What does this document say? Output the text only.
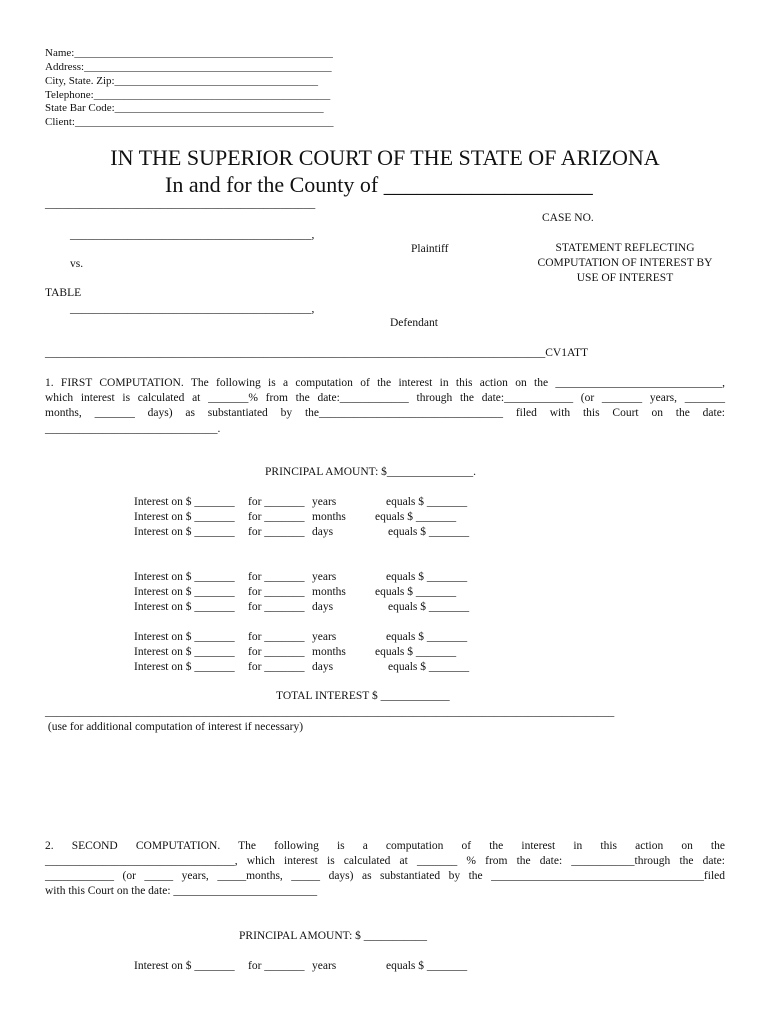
Name:_______________________________________________
Address:_____________________________________________
City, State. Zip:_____________________________________
Telephone:___________________________________________
State Bar Code:______________________________________
Client:_______________________________________________
IN THE SUPERIOR COURT OF THE STATE OF ARIZONA
In and for the County of ___________________
_______________________________________________
CASE NO.
__________________________________________,
Plaintiff
vs.
TABLE
__________________________________________,
Defendant
STATEMENT REFLECTING
COMPUTATION OF INTEREST BY
USE OF INTEREST
_______________________________________________________________________________________CV1ATT
1. FIRST COMPUTATION. The following is a computation of the interest in this action on the _____________________________,
which interest is calculated at _______% from the date:____________ through the date:____________ (or _______ years, _______
months, _______ days) as substantiated by the________________________________ filed with this Court on the date:
______________________________.
PRINCIPAL AMOUNT: $_______________.
Interest on $ _______
Interest on $ _______
Interest on $ _______
for _______
for _______
for _______
years
months
days
equals $ _______
equals $ _______
equals $ _______
Interest on $ _______
Interest on $ _______
Interest on $ _______
for _______
for _______
for _______
years
months
days
equals $ _______
equals $ _______
equals $ _______
Interest on $ _______
Interest on $ _______
Interest on $ _______
for _______
for _______
for _______
years
months
days
equals $ _______
equals $ _______
equals $ _______
TOTAL INTEREST $ ____________
___________________________________________________________________________________________________
(use for additional computation of interest if necessary)
2. SECOND COMPUTATION. The following is a computation of the interest in this action on the
_________________________________, which interest is calculated at _______ % from the date: ___________through the date:
____________ (or _____ years, _____months, _____ days) as substantiated by the _____________________________________filed
with this Court on the date: _________________________
PRINCIPAL AMOUNT: $ ___________
Interest on $ _______ for _______ years	equals $ _______
